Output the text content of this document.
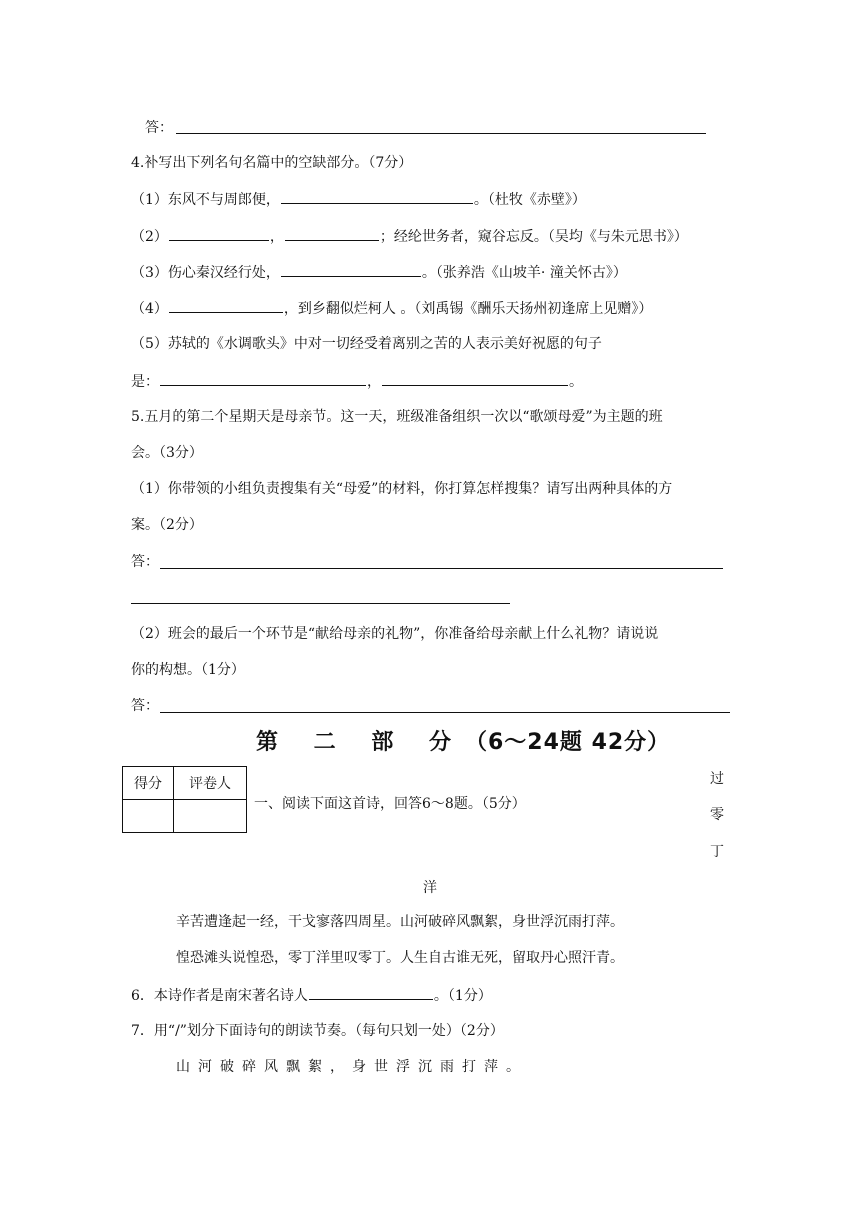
答：
4.补写出下列名句名篇中的空缺部分。（7分）
（1）东风不与周郎便，	。（杜牧《赤壁》）
（2）	，	；经纶世务者，窥谷忘反。（吴均《与朱元思书》）
（3）伤心秦汉经行处，	。（张养浩《山坡羊· 潼关怀古》）
（4）	，到乡翻似烂柯人 。（刘禹锡《酬乐天扬州初逢席上见赠》）
（5）苏轼的《水调歌头》中对一切经受着离别之苦的人表示美好祝愿的句子
是：	，	。
5.五月的第二个星期天是母亲节。这一天，班级准备组织一次以“歌颂母爱”为主题的班
会。（3分）
（1）你带领的小组负责搜集有关“母爱”的材料，你打算怎样搜集？请写出两种具体的方
案。（2分）
答：
（2）班会的最后一个环节是“献给母亲的礼物”，你准备给母亲献上什么礼物？请说说
你的构想。（1分）
答：
第 二 部 分（6～24题 42分）
得分	评卷人

一、阅读下面这首诗，回答6～8题。（5分）
过
零
丁
洋
辛苦遭逢起一经，干戈寥落四周星。山河破碎风飘絮，身世浮沉雨打萍。
惶恐滩头说惶恐，零丁洋里叹零丁。人生自古谁无死，留取丹心照汗青。
6．本诗作者是南宋著名诗人	。（1分）
7．用“/”划分下面诗句的朗读节奏。（每句只划一处）（2分）
山河破碎风飘絮，身世浮沉雨打萍。
